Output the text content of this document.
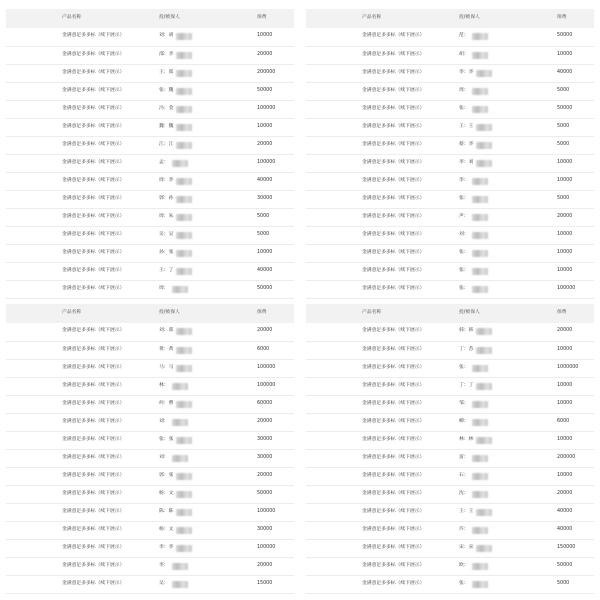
产品名称	投/被保人	保费
金满意足多多标（续下展示）	刘：胡	10000
金满意足多多标（续下展示）	邵：李	20000
金满意足多多标（续下展示）	王：郑	200000
金满意足多多标（续下展示）	张：魏	50000
金满意足多多标（续下展示）	冯：金	100000
金满意足多多标（续下展示）	魏：魏	10000
金满意足多多标（续下展示）	江：江	20000
金满意足多多标（续下展示）	孟：	100000
金满意足多多标（续下展示）	周：李	40000
金满意足多多标（续下展示）	郭：孙	30000
金满意足多多标（续下展示）	周：朱	5000
金满意足多多标（续下展示）	吴：吴	5000
金满意足多多标（续下展示）	孙：张	10000
金满意足多多标（续下展示）	王：丁	40000
金满意足多多标（续下展示）	周：	50000
产品名称	投/被保人	保费
金满意足多多标（续下展示）	范：	50000
金满意足多多标（续下展示）	胡：	10000
金满意足多多标（续下展示）	李：李	40000
金满意足多多标（续下展示）	周：	5000
金满意足多多标（续下展示）	张：	50000
金满意足多多标（续下展示）	王：王	5000
金满意足多多标（续下展示）	蔡：李	5000
金满意足多多标（续下展示）	李：刘	10000
金满意足多多标（续下展示）	李：	10000
金满意足多多标（续下展示）	张：	5000
金满意足多多标（续下展示）	声：	20000
金满意足多多标（续下展示）	刘：	10000
金满意足多多标（续下展示）	张：	10000
金满意足多多标（续下展示）	张：	10000
金满意足多多标（续下展示）	张：	100000
产品名称	投/被保人	保费
金满意足多多标（续下展示）	刘：郑	20000
金满意足多多标（续下展示）	黄：黄	6000
金满意足多多标（续下展示）	马：马	100000
金满意足多多标（续下展示）	林：	100000
金满意足多多标（续下展示）	何：曹	60000
金满意足多多标（续下展示）	刘：	20000
金满意足多多标（续下展示）	张：张	30000
金满意足多多标（续下展示）	刘：	30000
金满意足多多标（续下展示）	郭：张	20000
金满意足多多标（续下展示）	杨：文	50000
金满意足多多标（续下展示）	陈：陈	100000
金满意足多多标（续下展示）	杨：文	30000
金满意足多多标（续下展示）	李：李	100000
金满意足多多标（续下展示）	李：	20000
金满意足多多标（续下展示）	吴：	15000
产品名称	投/被保人	保费
金满意足多多标（续下展示）	韩：韩	20000
金满意足多多标（续下展示）	丁：苏	10000
金满意足多多标（续下展示）	张：	1000000
金满意足多多标（续下展示）	丁：丁	10000
金满意足多多标（续下展示）	邹：	10000
金满意足多多标（续下展示）	柳：	6000
金满意足多多标（续下展示）	林：林	10000
金满意足多多标（续下展示）	富：	200000
金满意足多多标（续下展示）	石：	10000
金满意足多多标（续下展示）	沈：	20000
金满意足多多标（续下展示）	王：王	40000
金满意足多多标（续下展示）	许：	40000
金满意足多多标（续下展示）	宋：宋	150000
金满意足多多标（续下展示）	欧：	50000
金满意足多多标（续下展示）	张：	5000
